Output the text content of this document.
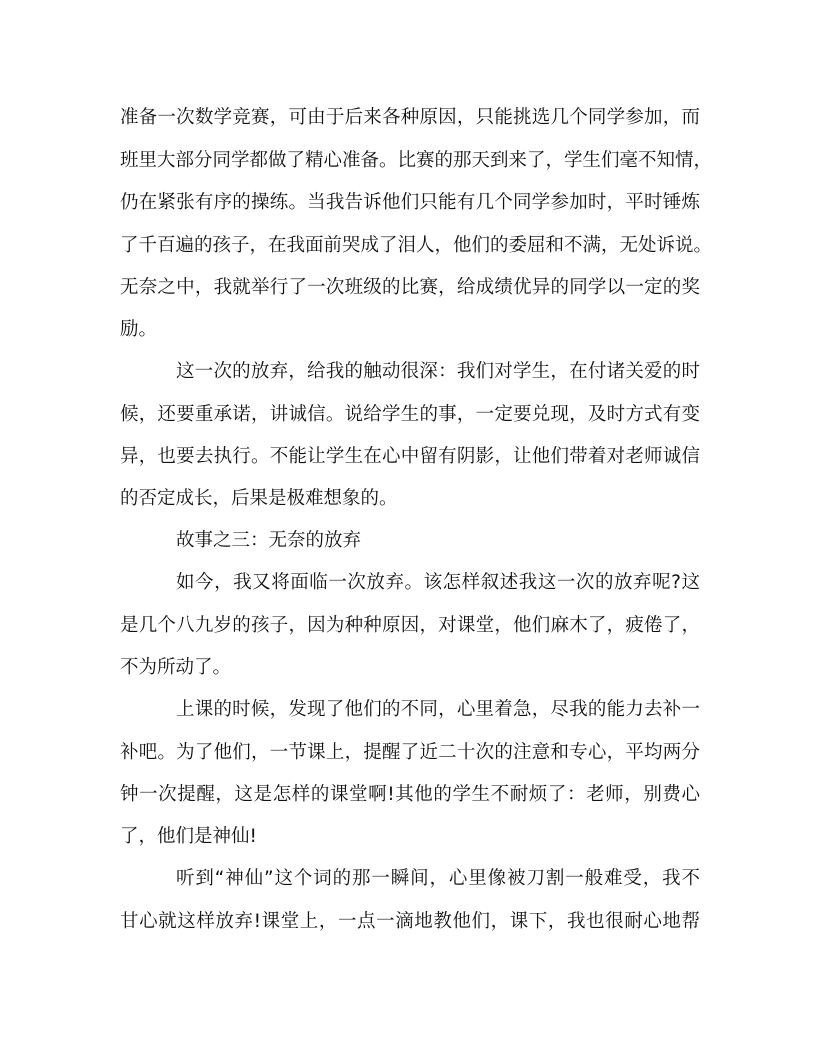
准备一次数学竞赛，可由于后来各种原因，只能挑选几个同学参加，而
班里大部分同学都做了精心准备。比赛的那天到来了，学生们毫不知情，
仍在紧张有序的操练。当我告诉他们只能有几个同学参加时，平时锤炼
了千百遍的孩子，在我面前哭成了泪人，他们的委屈和不满，无处诉说。
无奈之中，我就举行了一次班级的比赛，给成绩优异的同学以一定的奖
励。
这一次的放弃，给我的触动很深：我们对学生，在付诸关爱的时
候，还要重承诺，讲诚信。说给学生的事，一定要兑现，及时方式有变
异，也要去执行。不能让学生在心中留有阴影，让他们带着对老师诚信
的否定成长，后果是极难想象的。
故事之三：无奈的放弃
如今，我又将面临一次放弃。该怎样叙述我这一次的放弃呢?这
是几个八九岁的孩子，因为种种原因，对课堂，他们麻木了，疲倦了，
不为所动了。
上课的时候，发现了他们的不同，心里着急，尽我的能力去补一
补吧。为了他们，一节课上，提醒了近二十次的注意和专心，平均两分
钟一次提醒，这是怎样的课堂啊!其他的学生不耐烦了：老师，别费心
了，他们是神仙!
听到“神仙”这个词的那一瞬间，心里像被刀割一般难受，我不
甘心就这样放弃!课堂上，一点一滴地教他们，课下，我也很耐心地帮
